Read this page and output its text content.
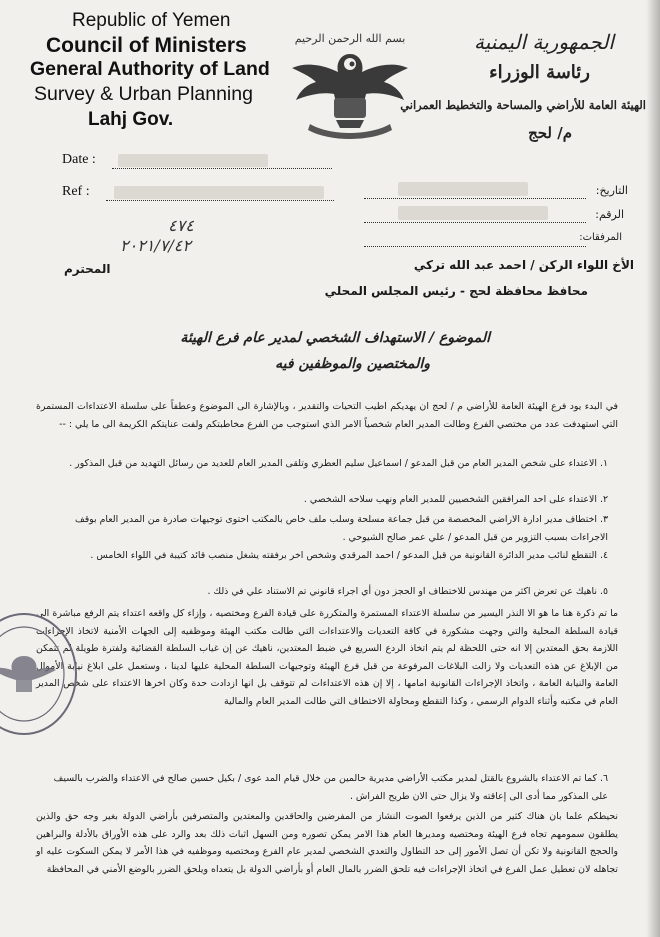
Republic of Yemen
Council of Ministers
General Authority of Land
Survey & Urban Planning
Lahj Gov.
بسم الله الرحمن الرحيم	الجمهورية اليمنية
رئاسة الوزراء
الهيئة العامة للأراضي والمساحة والتخطيط العمراني
م/ لحج
Date :
Ref :	التاريخ:
الرقم:
المرفقات:
٤٧٤
٢٠٢١/٧/٤٢
الأخ اللواء الركن / احمد عبد الله تركي
محافظ محافظة لحج - رئيس المجلس المحلي
المحترم
الموضوع / الاستهداف الشخصي لمدير عام فرع الهيئة
والمختصين والموظفين فيه
في البدء يود فرع الهيئة العامة للأراضي م / لحج ان يهديكم اطيب التحيات والتقدير ، وبالإشارة الى الموضوع وعطفاً على سلسلة الاعتداءات المستمرة التي استهدفت عدد من مختصي الفرع وطالت المدير العام شخصياً الامر الذي استوجب من الفرع مخاطبتكم ولفت عنايتكم الكريمة الى ما يلي : --
١. الاعتداء على شخص المدير العام من قبل المدعو / اسماعيل سليم العطري وتلقى المدير العام للعديد من رسائل التهديد من قبل المذكور .
٢. الاعتداء على احد المرافقين الشخصيين للمدير العام ونهب سلاحه الشخصي .
٣. اختطاف مدير ادارة الاراضي المخصصة من قبل جماعة مسلحة وسلب ملف خاص بالمكتب احتوى توجيهات صادرة من المدير العام بوقف الاجراءات بسبب التزوير من قبل المدعو / علي عمر صالح الشيوحي .
٤. التقطع لنائب مدير الدائرة القانونية من قبل المدعو / احمد المرقدي وشخص اخر برفقته يشغل منصب قائد كتيبة في اللواء الخامس .
٥. ناهيك عن تعرض اكثر من مهندس للاختطاف او الحجز دون أي اجراء قانوني تم الاستناد علي في ذلك .
ما تم ذكرة هنا ما هو الا النذر اليسير من سلسلة الاعتداء المستمرة والمتكررة على قيادة الفرع ومختصيه ، وإزاء كل واقعه اعتداء يتم الرفع مباشرة الى قيادة السلطة المحلية والتي وجهت مشكورة في كافة التعديات والاعتداءات التي طالت مكتب الهيئة وموظفيه إلى الجهات الأمنية لاتخاذ الإجراءات اللازمة بحق المعتدين إلا انه حتى اللحظة لم يتم اتخاذ الردع السريع في ضبط المعتدين، ناهيك عن إن غياب السلطة القضائية ولفترة طويلة لم تتمكن من الإبلاغ عن هذه التعديات ولا زالت البلاغات المرفوعة من قبل فرع الهيئة وتوجيهات السلطة المحلية عليها لدينا ، وستعمل على ابلاغ نيابة الأموال العامة والنيابة العامة ، واتخاذ الإجراءات القانونية امامها ، إلا إن هذه الاعتداءات لم تتوقف بل انها ازدادت حدة وكان اخرها الاعتداء على شخص المدير العام في مكتبه وأثناء الدوام الرسمي ، وكذا التقطع ومحاولة الاختطاف التي طالت المدير العام والمالية
٦. كما تم الاعتداء بالشروع بالقتل لمدير مكتب الأراضي مديرية حالمين من خلال قيام المد عوى / بكيل حسين صالح في الاعتداء والضرب بالسيف على المذكور مما أدى الى إعاقته ولا يزال حتى الان طريح الفراش .
نحيطكم علما بان هناك كثير من الذين يرفعوا الصوت النشاز من المفرضين والحاقدين والمعتدين والمتصرفين بأراضي الدولة بغير وجه حق والذين يطلقون سمومهم تجاه فرع الهيئة ومختصيه ومديرها العام هذا الامر يمكن تصوره ومن السهل اثبات ذلك بعد والرد على هذه الأوراق بالأدلة والبراهين والحجج القانونية ولا تكن أن تصل الأمور إلى حد التطاول والتعدي الشخصي لمدير عام الفرع ومختصيه وموظفيه في هذا الأمر لا يمكن السكوت عليه او تجاهله لان تعطيل عمل الفرع في اتخاذ الإجراءات فيه تلحق الضرر بالمال العام أو بأراضي الدولة بل يتعداه ويلحق الضرر بالوضع الأمني في المحافظة
